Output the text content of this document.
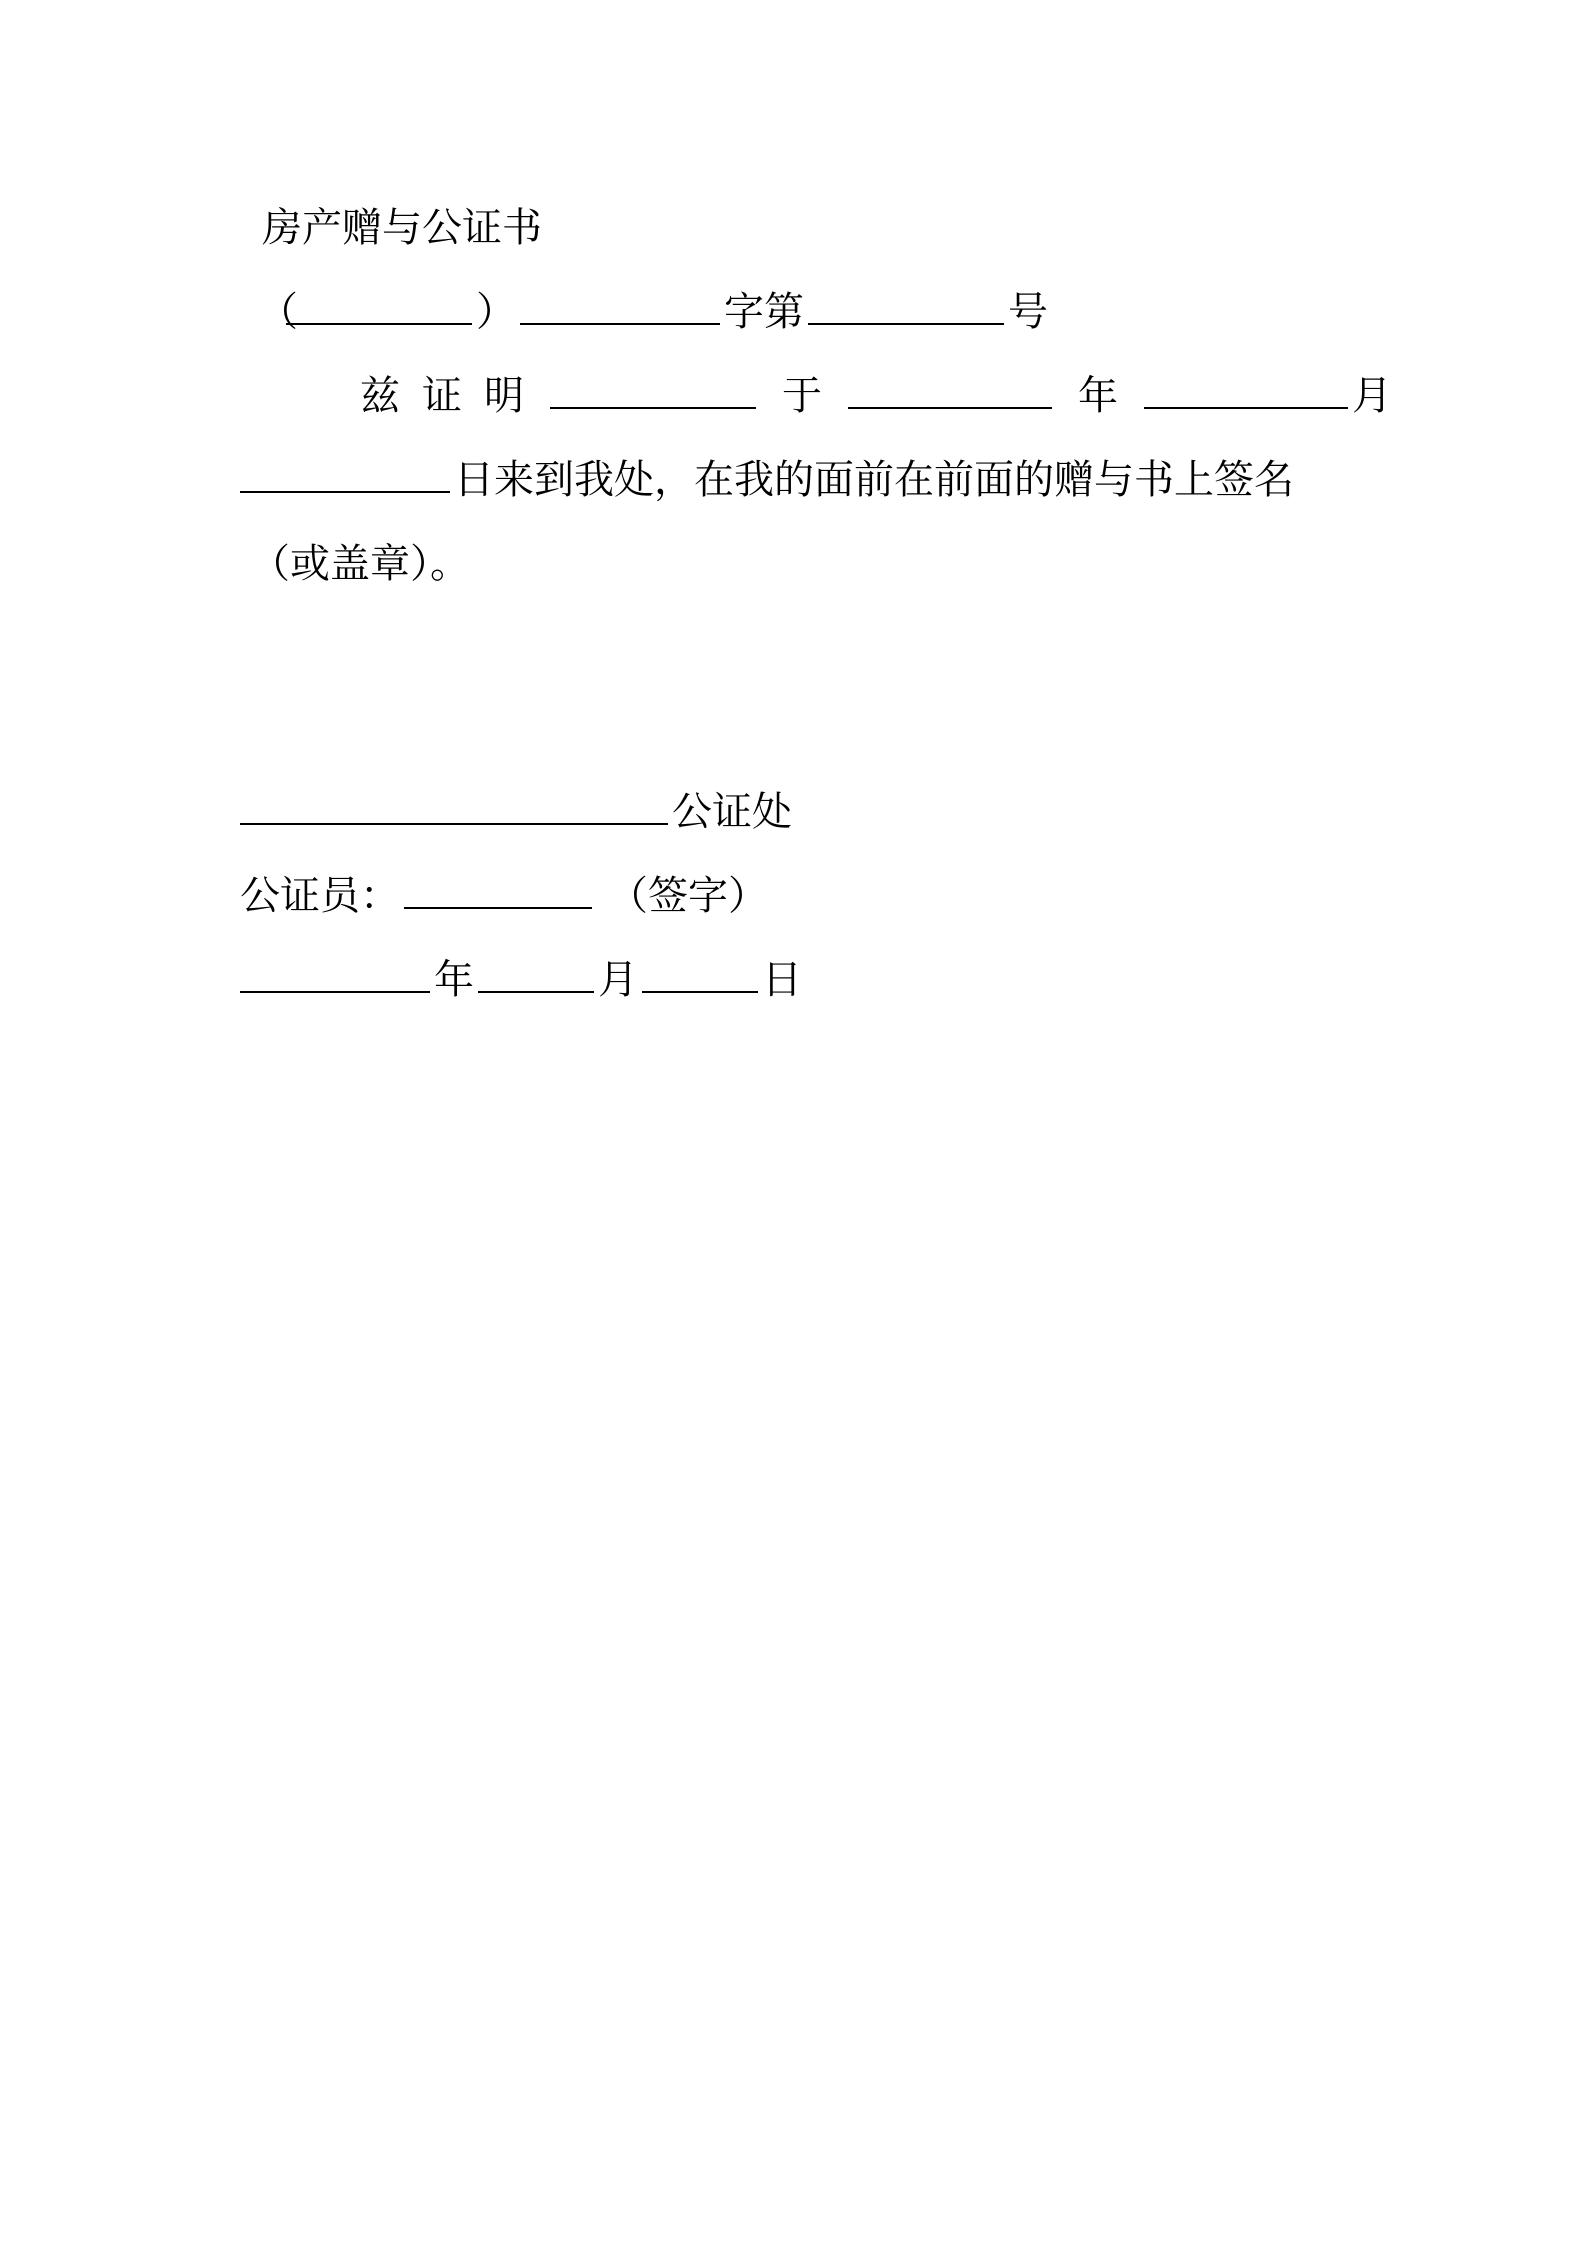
房产赠与公证书
（	）	字第	号
兹证明	于	年	月
日来到我处，在我的面前在前面的赠与书上签名
（或盖章）。
公证处
公证员：	（签字）
年	月	日
